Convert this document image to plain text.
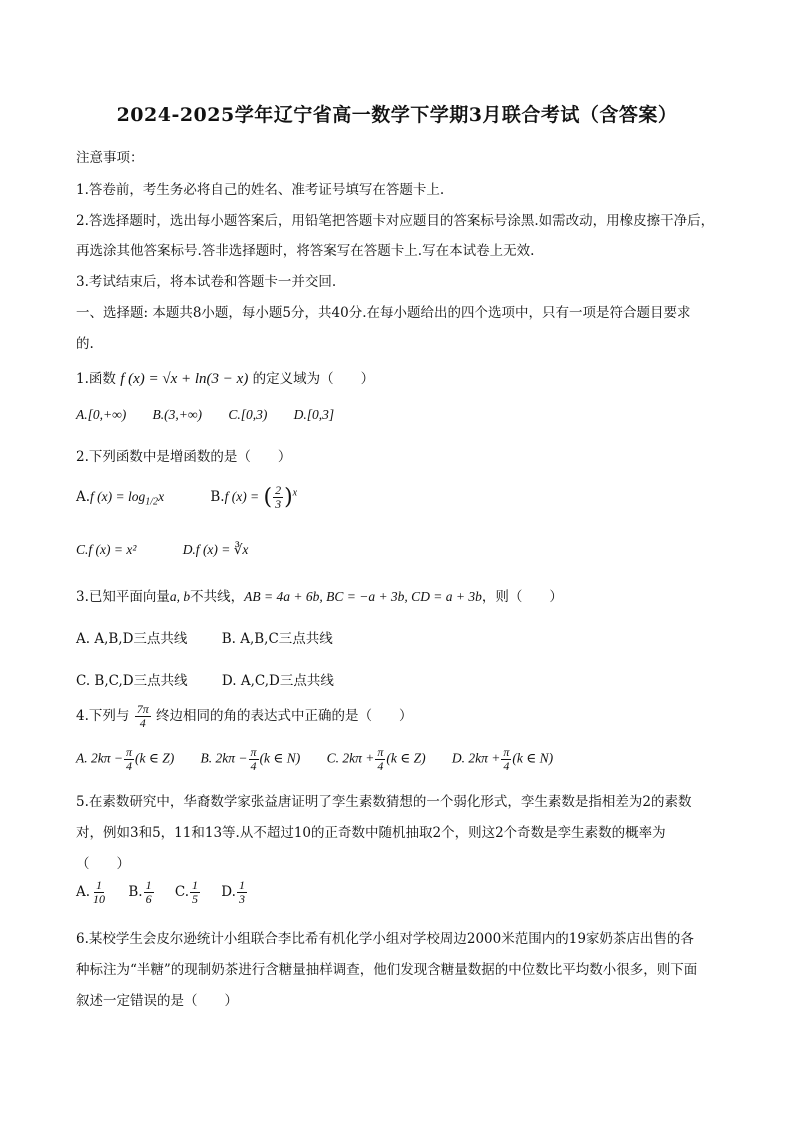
2024-2025学年辽宁省高一数学下学期3月联合考试（含答案）
注意事项：
1.答卷前，考生务必将自己的姓名、准考证号填写在答题卡上.
2.答选择题时，选出每小题答案后，用铅笔把答题卡对应题目的答案标号涂黑.如需改动，用橡皮擦干净后，
再选涂其他答案标号.答非选择题时，将答案写在答题卡上.写在本试卷上无效.
3.考试结束后，将本试卷和答题卡一并交回.
一、选择题: 本题共8小题，每小题5分，共40分.在每小题给出的四个选项中，只有一项是符合题目要求
的.
1.函数 f (x) = √x + ln(3 − x) 的定义域为（　　）
A.[0,+∞) B.(3,+∞) C.[0,3) D.[0,3]
2.下列函数中是增函数的是（　　）
A.f $(x) = \log_{1/2}x$	B.f (x) = ( $\frac{2}{3} )^x$
C.f (x) = x²	D.f (x) = ∛x
3.已知平面向量a, b不共线，AB = 4a + 6b, BC = −a + 3b, CD = a + 3b，则（　　）
A. A,B,D三点共线	B. A,B,C三点共线
C. B,C,D三点共线	D. A,C,D三点共线
4.下列与 $\frac{7\pi}{4}$ 终边相同的角的表达式中正确的是（　　）
A. $2k\pi - \frac{\pi}{4} (k$ ∈ Z) B. $2k\pi - \frac{\pi}{4} (k$ ∈ N) C. $2k\pi + \frac{\pi}{4} (k$ ∈ Z) D. $2k\pi + \frac{\pi}{4} (k$ ∈ N)
5.在素数研究中，华裔数学家张益唐证明了孪生素数猜想的一个弱化形式，孪生素数是指相差为2的素数
对，例如3和5，11和13等.从不超过10的正奇数中随机抽取2个，则这2个奇数是孪生素数的概率为
（　　）
A. $\frac{1}{10} B$. $\frac{1}{6} C$. $\frac{1}{5} D$. $\frac{1}{3}$
6.某校学生会皮尔逊统计小组联合李比希有机化学小组对学校周边2000米范围内的19家奶茶店出售的各
种标注为“半糖”的现制奶茶进行含糖量抽样调查，他们发现含糖量数据的中位数比平均数小很多，则下面
叙述一定错误的是（　　）
